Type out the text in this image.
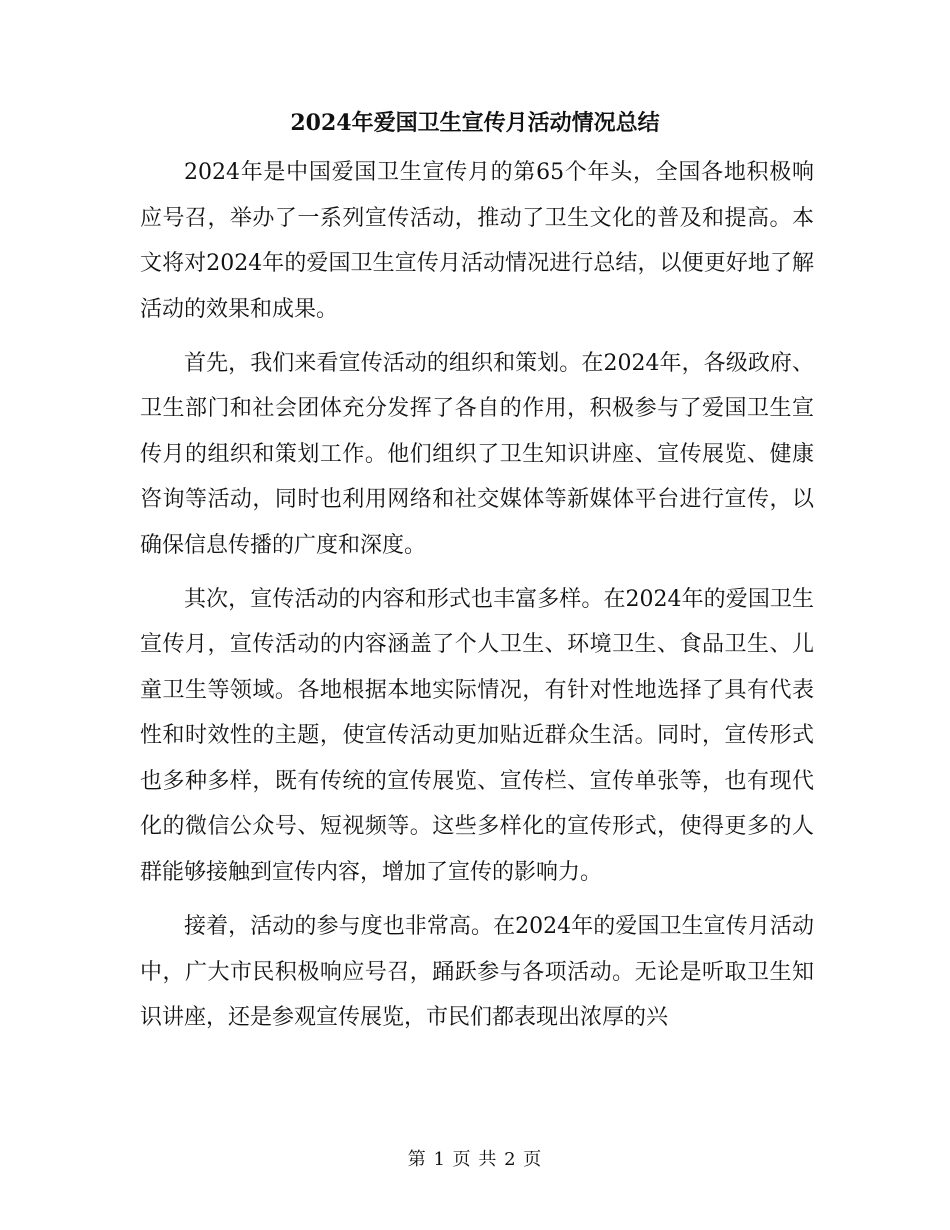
2024年爱国卫生宣传月活动情况总结

2024年是中国爱国卫生宣传月的第65个年头，全国各地积极响应号召，举办了一系列宣传活动，推动了卫生文化的普及和提高。本文将对2024年的爱国卫生宣传月活动情况进行总结，以便更好地了解活动的效果和成果。

首先，我们来看宣传活动的组织和策划。在2024年，各级政府、卫生部门和社会团体充分发挥了各自的作用，积极参与了爱国卫生宣传月的组织和策划工作。他们组织了卫生知识讲座、宣传展览、健康咨询等活动，同时也利用网络和社交媒体等新媒体平台进行宣传，以确保信息传播的广度和深度。

其次，宣传活动的内容和形式也丰富多样。在2024年的爱国卫生宣传月，宣传活动的内容涵盖了个人卫生、环境卫生、食品卫生、儿童卫生等领域。各地根据本地实际情况，有针对性地选择了具有代表性和时效性的主题，使宣传活动更加贴近群众生活。同时，宣传形式也多种多样，既有传统的宣传展览、宣传栏、宣传单张等，也有现代化的微信公众号、短视频等。这些多样化的宣传形式，使得更多的人群能够接触到宣传内容，增加了宣传的影响力。

接着，活动的参与度也非常高。在2024年的爱国卫生宣传月活动中，广大市民积极响应号召，踊跃参与各项活动。无论是听取卫生知识讲座，还是参观宣传展览，市民们都表现出浓厚的兴

第 1 页 共 2 页
